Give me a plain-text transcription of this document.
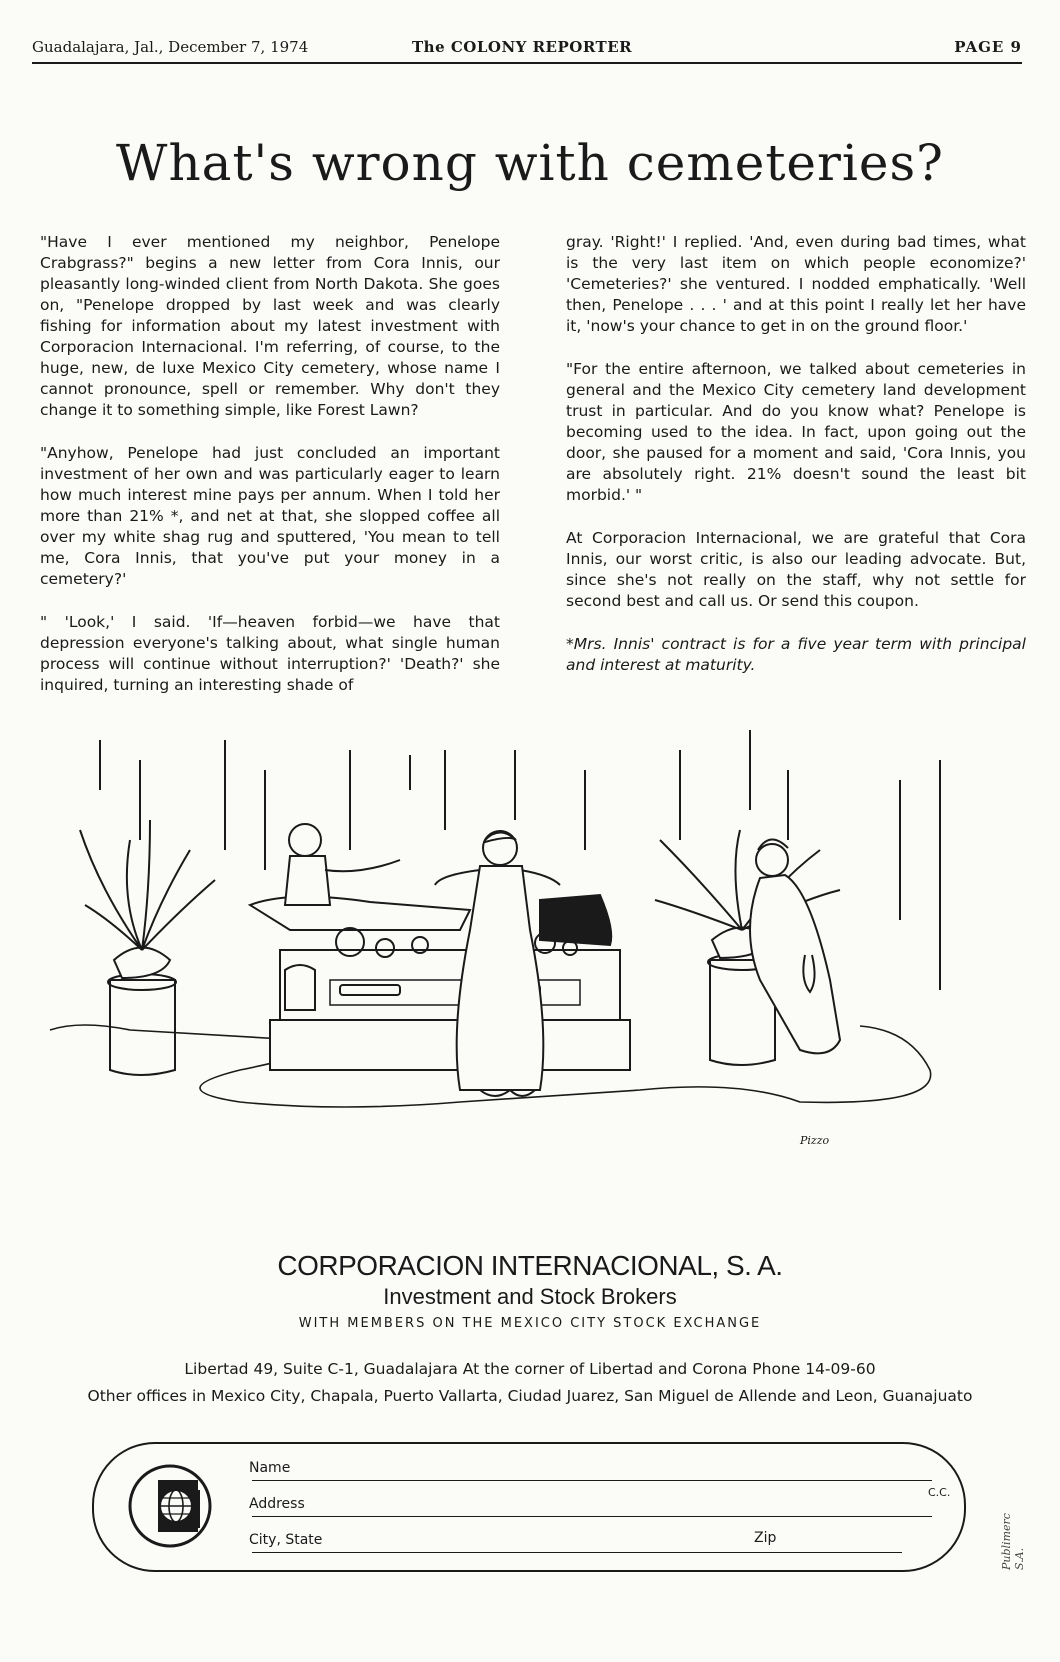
Guadalajara, Jal., December 7, 1974	The COLONY REPORTER	PAGE 9
What's wrong with cemeteries?

"Have I ever mentioned my neighbor, Penelope Crabgrass?" begins a new letter from Cora Innis, our pleasantly long-winded client from North Dakota. She goes on, "Penelope dropped by last week and was clearly fishing for information about my latest investment with Corporacion Internacional. I'm referring, of course, to the huge, new, de luxe Mexico City cemetery, whose name I cannot pronounce, spell or remember. Why don't they change it to something simple, like Forest Lawn?

"Anyhow, Penelope had just concluded an important investment of her own and was particularly eager to learn how much interest mine pays per annum. When I told her more than 21% *, and net at that, she slopped coffee all over my white shag rug and sputtered, 'You mean to tell me, Cora Innis, that you've put your money in a cemetery?'

" 'Look,' I said. 'If—heaven forbid—we have that depression everyone's talking about, what single human process will continue without interruption?' 'Death?' she inquired, turning an interesting shade of

gray. 'Right!' I replied. 'And, even during bad times, what is the very last item on which people economize?' 'Cemeteries?' she ventured. I nodded emphatically. 'Well then, Penelope . . . ' and at this point I really let her have it, 'now's your chance to get in on the ground floor.'

"For the entire afternoon, we talked about cemeteries in general and the Mexico City cemetery land development trust in particular. And do you know what? Penelope is becoming used to the idea. In fact, upon going out the door, she paused for a moment and said, 'Cora Innis, you are absolutely right. 21% doesn't sound the least bit morbid.' "

At Corporacion Internacional, we are grateful that Cora Innis, our worst critic, is also our leading advocate. But, since she's not really on the staff, why not settle for second best and call us. Or send this coupon.

*Mrs. Innis' contract is for a five year term with principal and interest at maturity.

Pizzo
CORPORACION INTERNACIONAL, S. A.
Investment and Stock Brokers
WITH MEMBERS ON THE MEXICO CITY STOCK EXCHANGE
Libertad 49, Suite C-1, Guadalajara At the corner of Libertad and Corona Phone 14-09-60
Other offices in Mexico City, Chapala, Puerto Vallarta, Ciudad Juarez, San Miguel de Allende and Leon, Guanajuato
ci
Name
Address
City, State	Zip
C.C.
Publimerc S.A.
